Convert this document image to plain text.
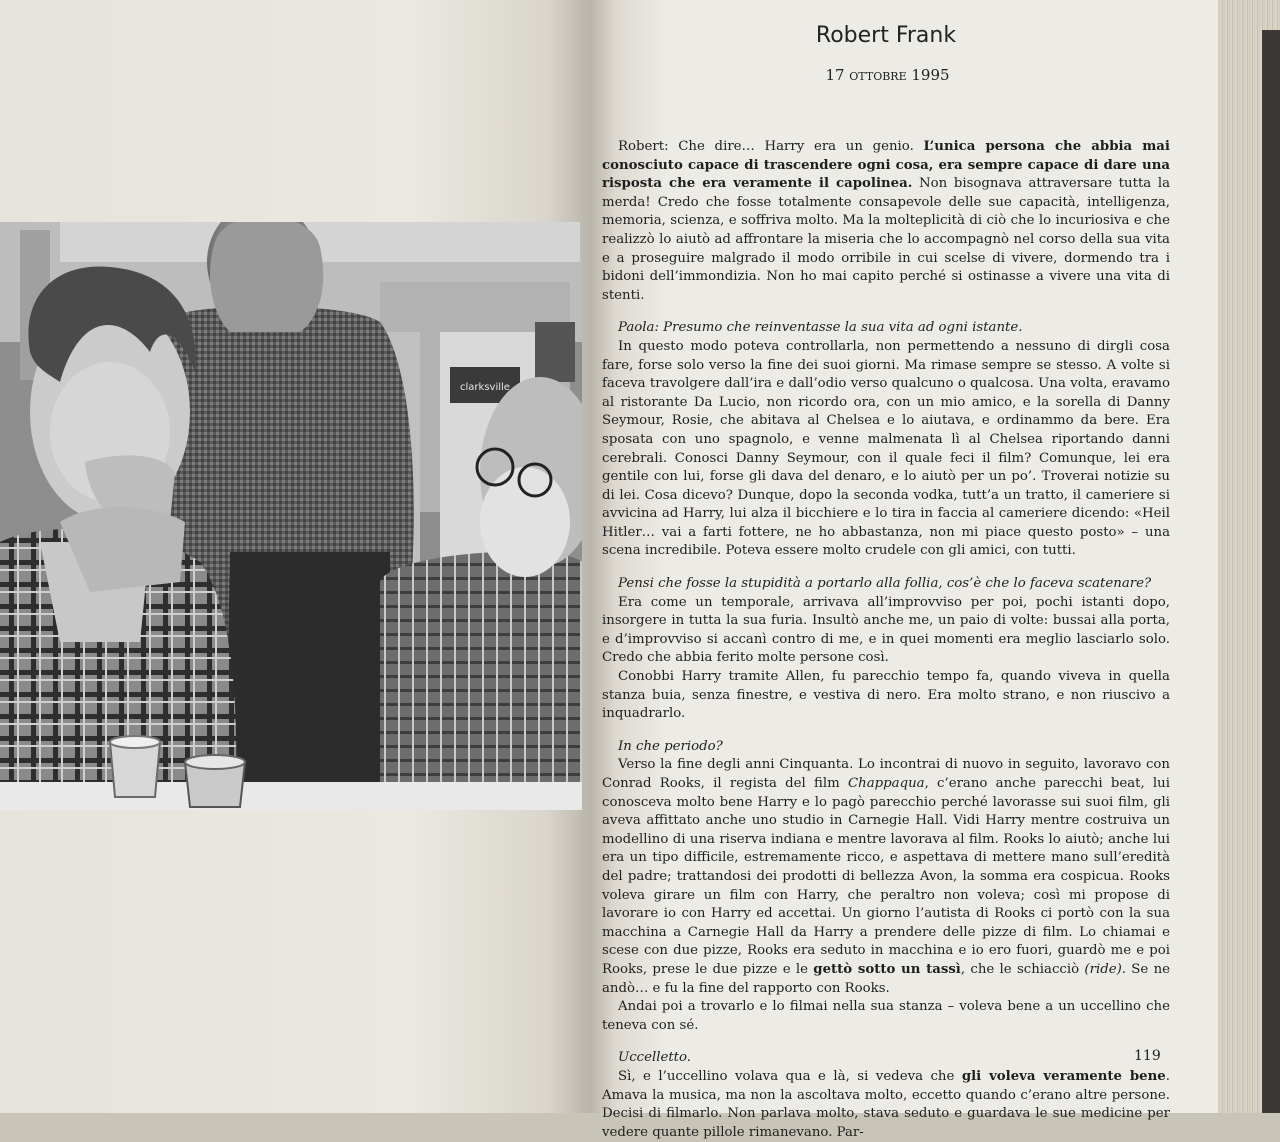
clarksville
Robert Frank
17 ottobre 1995

Robert: Che dire… Harry era un genio. L’unica persona che abbia mai conosciuto capace di trascendere ogni cosa, era sempre capace di dare una risposta che era veramente il capolinea. Non bisognava attraversare tutta la merda! Credo che fosse totalmente consapevole delle sue capacità, intelligenza, memoria, scienza, e soffriva molto. Ma la molteplicità di ciò che lo incuriosiva e che realizzò lo aiutò ad affrontare la miseria che lo accompagnò nel corso della sua vita e a proseguire malgrado il modo orribile in cui scelse di vivere, dormendo tra i bidoni dell’immondizia. Non ho mai capito perché si ostinasse a vivere una vita di stenti.

Paola: Presumo che reinventasse la sua vita ad ogni istante.

In questo modo poteva controllarla, non permettendo a nessuno di dirgli cosa fare, forse solo verso la fine dei suoi giorni. Ma rimase sempre se stesso. A volte si faceva travolgere dall’ira e dall’odio verso qualcuno o qualcosa. Una volta, eravamo al ristorante Da Lucio, non ricordo ora, con un mio amico, e la sorella di Danny Seymour, Rosie, che abitava al Chelsea e lo aiutava, e ordinammo da bere. Era sposata con uno spagnolo, e venne malmenata lì al Chelsea riportando danni cerebrali. Conosci Danny Seymour, con il quale feci il film? Comunque, lei era gentile con lui, forse gli dava del denaro, e lo aiutò per un po’. Troverai notizie su di lei. Cosa dicevo? Dunque, dopo la seconda vodka, tutt’a un tratto, il cameriere si avvicina ad Harry, lui alza il bicchiere e lo tira in faccia al cameriere dicendo: «Heil Hitler… vai a farti fottere, ne ho abbastanza, non mi piace questo posto» – una scena incredibile. Poteva essere molto crudele con gli amici, con tutti.

Pensi che fosse la stupidità a portarlo alla follia, cos’è che lo faceva scatenare?

Era come un temporale, arrivava all’improvviso per poi, pochi istanti dopo, insorgere in tutta la sua furia. Insultò anche me, un paio di volte: bussai alla porta, e d’improvviso si accanì contro di me, e in quei momenti era meglio lasciarlo solo. Credo che abbia ferito molte persone così.

Conobbi Harry tramite Allen, fu parecchio tempo fa, quando viveva in quella stanza buia, senza finestre, e vestiva di nero. Era molto strano, e non riuscivo a inquadrarlo.

In che periodo?

Verso la fine degli anni Cinquanta. Lo incontrai di nuovo in seguito, lavoravo con Conrad Rooks, il regista del film Chappaqua, c’erano anche parecchi beat, lui conosceva molto bene Harry e lo pagò parecchio perché lavorasse sui suoi film, gli aveva affittato anche uno studio in Carnegie Hall. Vidi Harry mentre costruiva un modellino di una riserva indiana e mentre lavorava al film. Rooks lo aiutò; anche lui era un tipo difficile, estremamente ricco, e aspettava di mettere mano sull’eredità del padre; trattandosi dei prodotti di bellezza Avon, la somma era cospicua. Rooks voleva girare un film con Harry, che peraltro non voleva; così mi propose di lavorare io con Harry ed accettai. Un giorno l’autista di Rooks ci portò con la sua macchina a Carnegie Hall da Harry a prendere delle pizze di film. Lo chiamai e scese con due pizze, Rooks era seduto in macchina e io ero fuori, guardò me e poi Rooks, prese le due pizze e le gettò sotto un tassì, che le schiacciò (ride). Se ne andò… e fu la fine del rapporto con Rooks.

Andai poi a trovarlo e lo filmai nella sua stanza – voleva bene a un uccellino che teneva con sé.

Uccelletto.

Sì, e l’uccellino volava qua e là, si vedeva che gli voleva veramente bene. Amava la musica, ma non la ascoltava molto, eccetto quando c’erano altre persone. Decisi di filmarlo. Non parlava molto, stava seduto e guardava le sue medicine per vedere quante pillole rimanevano. Par-

119
